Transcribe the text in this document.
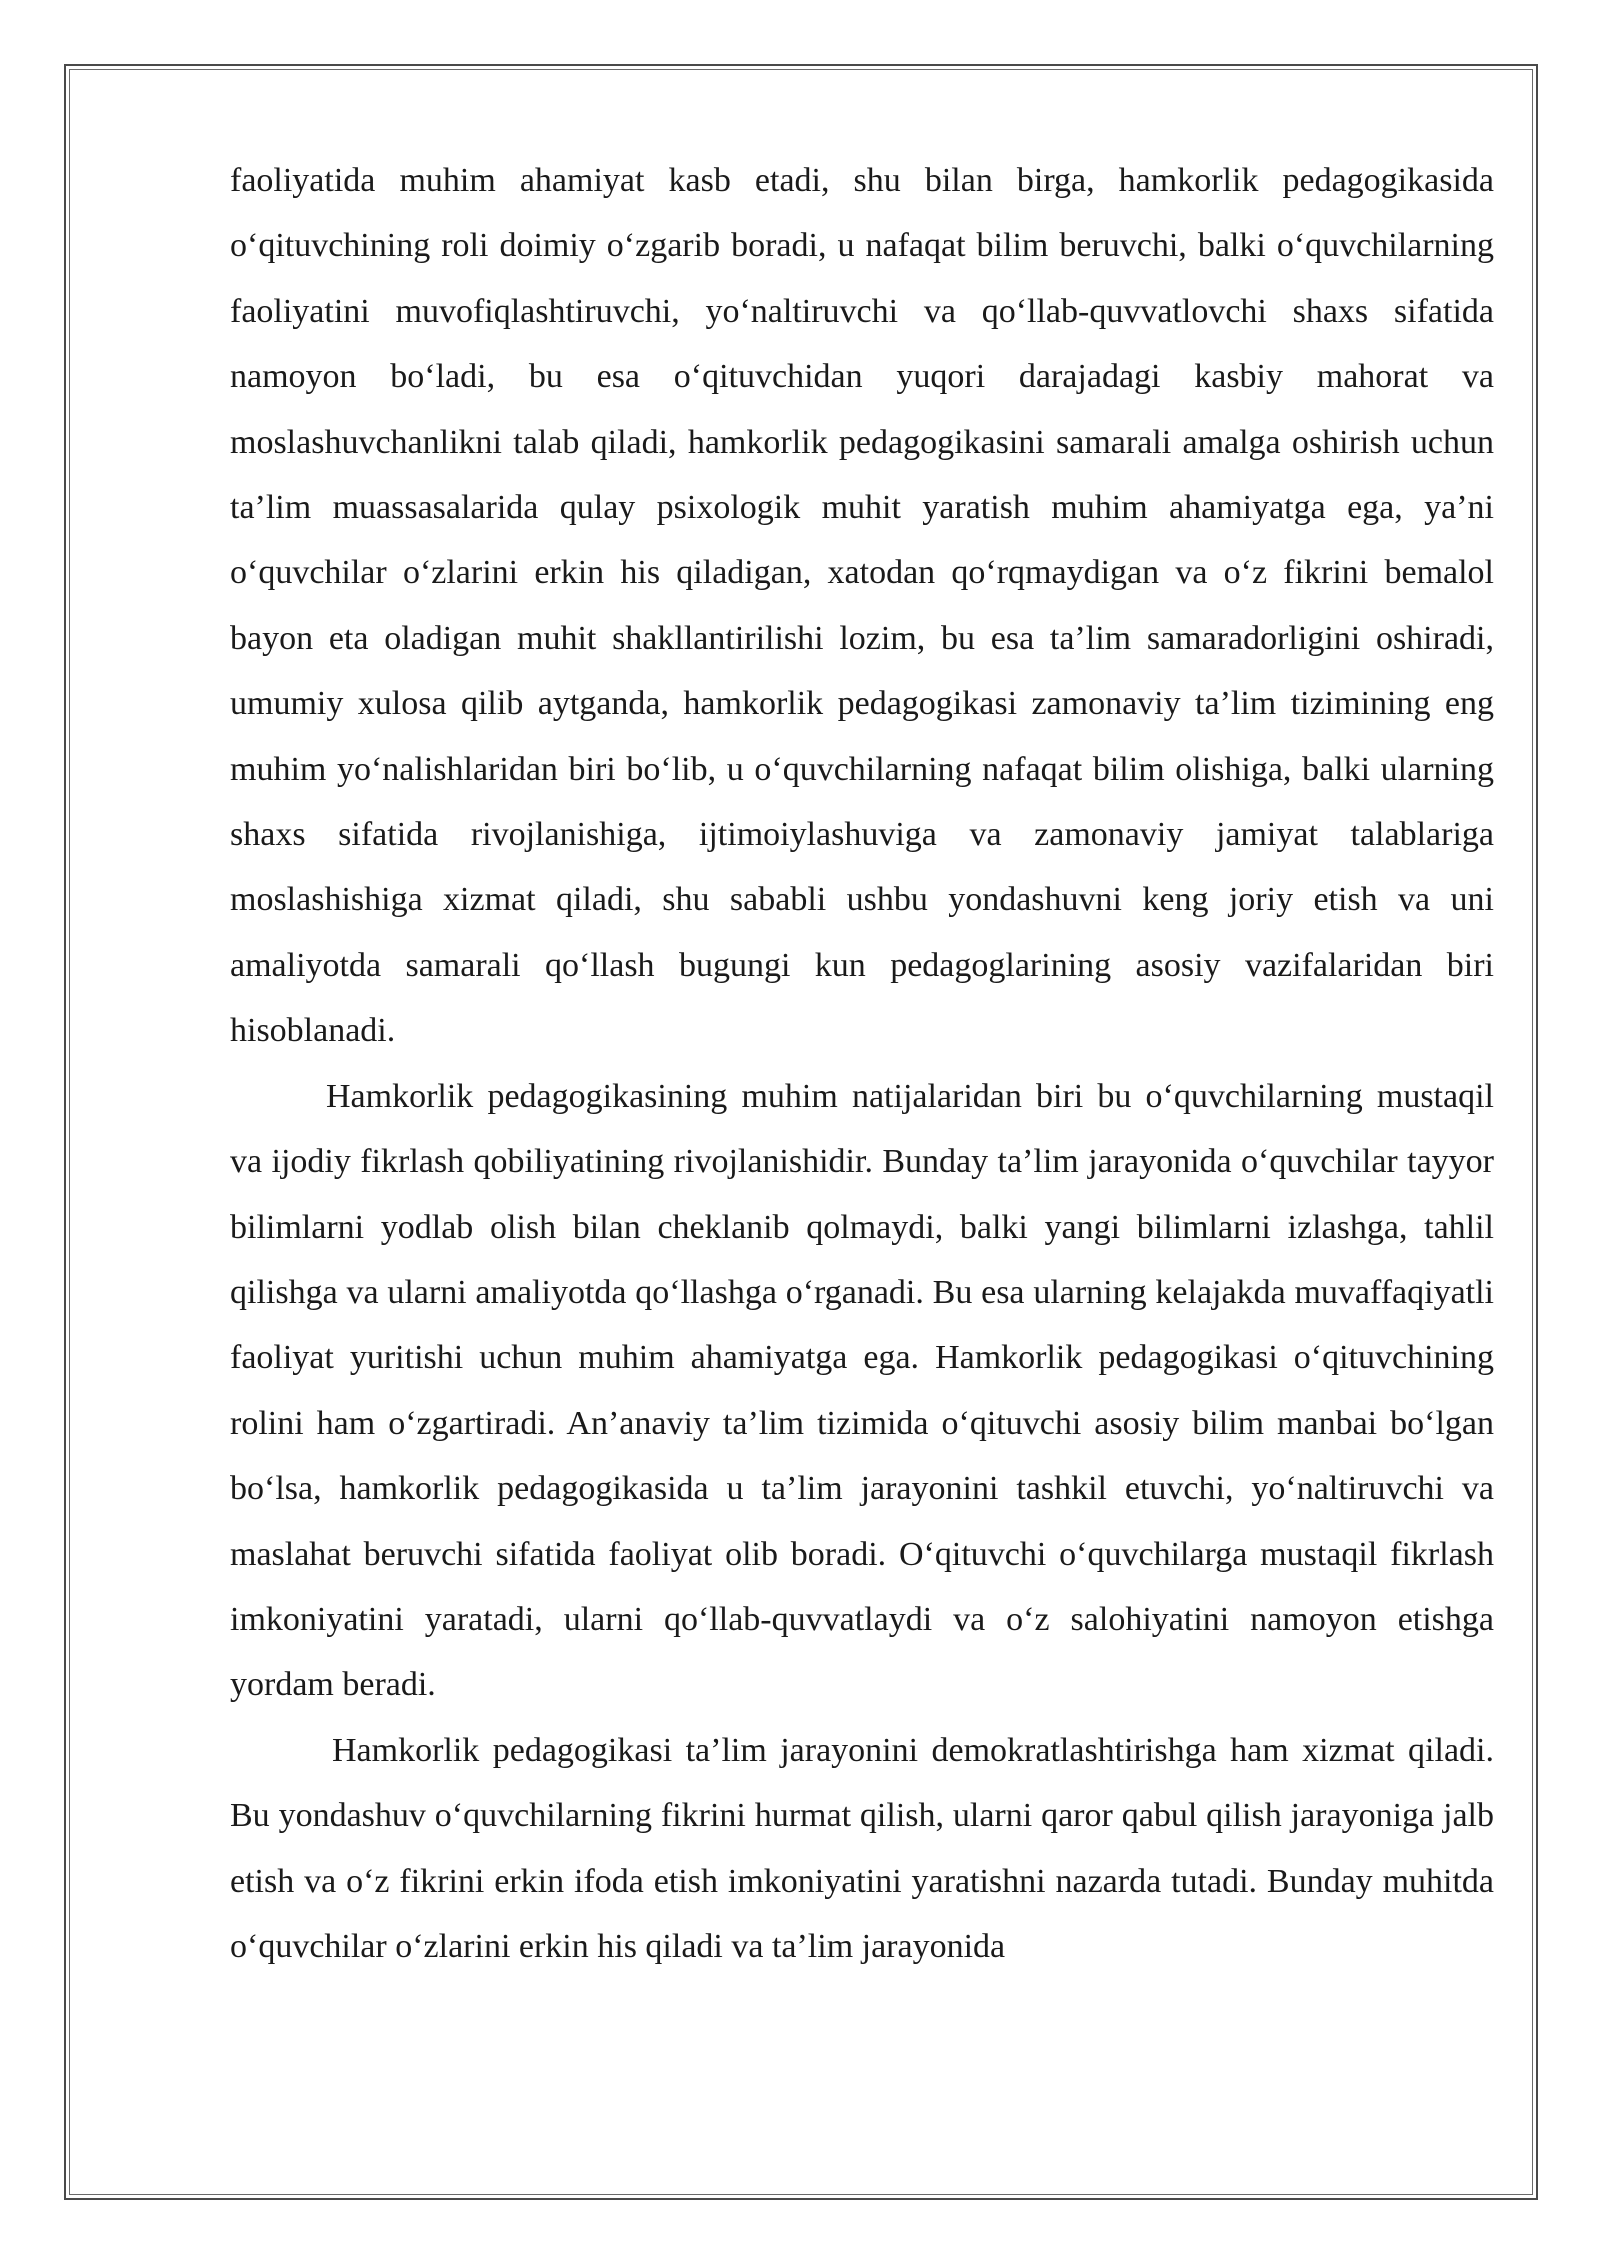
faoliyatida muhim ahamiyat kasb etadi, shu bilan birga, hamkorlik pedagogikasida o‘qituvchining roli doimiy o‘zgarib boradi, u nafaqat bilim beruvchi, balki o‘quvchilarning faoliyatini muvofiqlashtiruvchi, yo‘naltiruvchi va qo‘llab-quvvatlovchi shaxs sifatida namoyon bo‘ladi, bu esa o‘qituvchidan yuqori darajadagi kasbiy mahorat va moslashuvchanlikni talab qiladi, hamkorlik pedagogikasini samarali amalga oshirish uchun ta’lim muassasalarida qulay psixologik muhit yaratish muhim ahamiyatga ega, ya’ni o‘quvchilar o‘zlarini erkin his qiladigan, xatodan qo‘rqmaydigan va o‘z fikrini bemalol bayon eta oladigan muhit shakllantirilishi lozim, bu esa ta’lim samaradorligini oshiradi, umumiy xulosa qilib aytganda, hamkorlik pedagogikasi zamonaviy ta’lim tizimining eng muhim yo‘nalishlaridan biri bo‘lib, u o‘quvchilarning nafaqat bilim olishiga, balki ularning shaxs sifatida rivojlanishiga, ijtimoiylashuviga va zamonaviy jamiyat talablariga moslashishiga xizmat qiladi, shu sababli ushbu yondashuvni keng joriy etish va uni amaliyotda samarali qo‘llash bugungi kun pedagoglarining asosiy vazifalaridan biri hisoblanadi.

Hamkorlik pedagogikasining muhim natijalaridan biri bu o‘quvchilarning mustaqil va ijodiy fikrlash qobiliyatining rivojlanishidir. Bunday ta’lim jarayonida o‘quvchilar tayyor bilimlarni yodlab olish bilan cheklanib qolmaydi, balki yangi bilimlarni izlashga, tahlil qilishga va ularni amaliyotda qo‘llashga o‘rganadi. Bu esa ularning kelajakda muvaffaqiyatli faoliyat yuritishi uchun muhim ahamiyatga ega. Hamkorlik pedagogikasi o‘qituvchining rolini ham o‘zgartiradi. An’anaviy ta’lim tizimida o‘qituvchi asosiy bilim manbai bo‘lgan bo‘lsa, hamkorlik pedagogikasida u ta’lim jarayonini tashkil etuvchi, yo‘naltiruvchi va maslahat beruvchi sifatida faoliyat olib boradi. O‘qituvchi o‘quvchilarga mustaqil fikrlash imkoniyatini yaratadi, ularni qo‘llab-quvvatlaydi va o‘z salohiyatini namoyon etishga yordam beradi.

Hamkorlik pedagogikasi ta’lim jarayonini demokratlashtirishga ham xizmat qiladi. Bu yondashuv o‘quvchilarning fikrini hurmat qilish, ularni qaror qabul qilish jarayoniga jalb etish va o‘z fikrini erkin ifoda etish imkoniyatini yaratishni nazarda tutadi. Bunday muhitda o‘quvchilar o‘zlarini erkin his qiladi va ta’lim jarayonida
